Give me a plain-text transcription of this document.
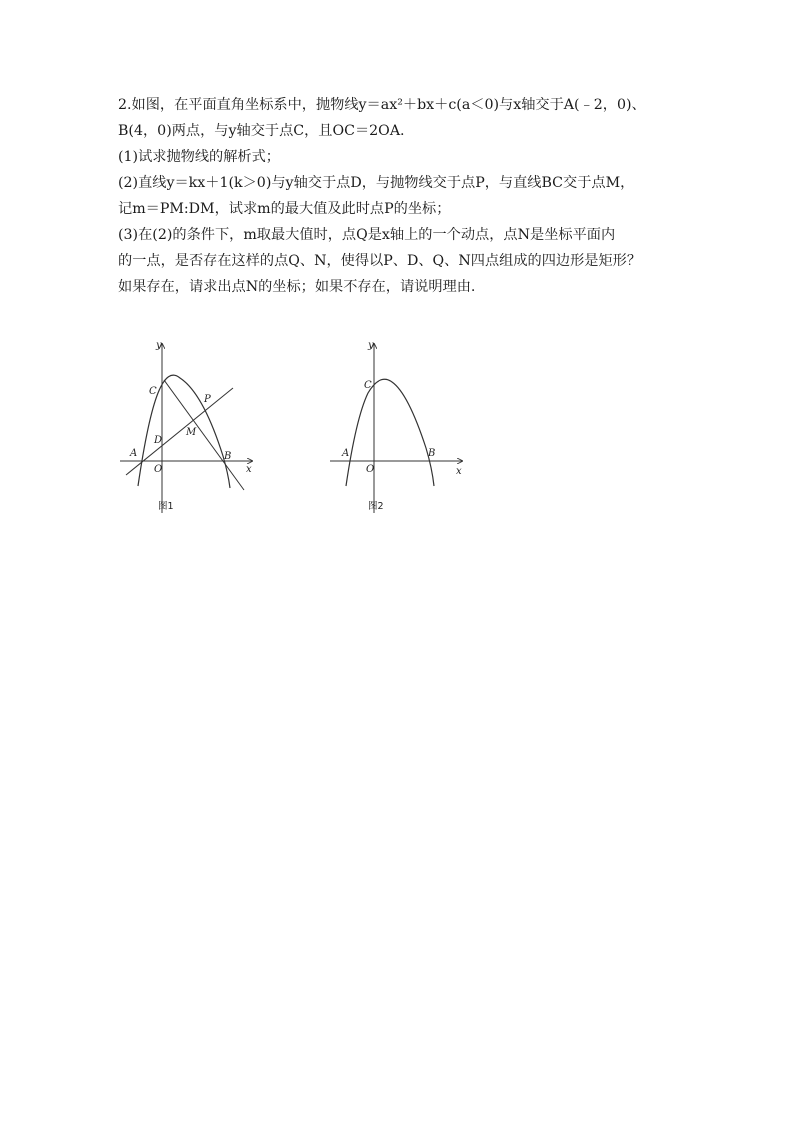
2.如图，在平面直角坐标系中，抛物线y＝ax²＋bx＋c(a＜0)与x轴交于A(﹣2，0)、
B(4，0)两点，与y轴交于点C，且OC＝2OA.
(1)试求抛物线的解析式；
(2)直线y＝kx＋1(k＞0)与y轴交于点D，与抛物线交于点P，与直线BC交于点M，
记m＝PM:DM，试求m的最大值及此时点P的坐标；
(3)在(2)的条件下，m取最大值时，点Q是x轴上的一个动点，点N是坐标平面内
的一点，是否存在这样的点Q、N，使得以P、D、Q、N四点组成的四边形是矩形？
如果存在，请求出点N的坐标；如果不存在，请说明理由.
y
x
C
P
D
M
A
O
B
图1
y
x
C
A
O
B
图2
